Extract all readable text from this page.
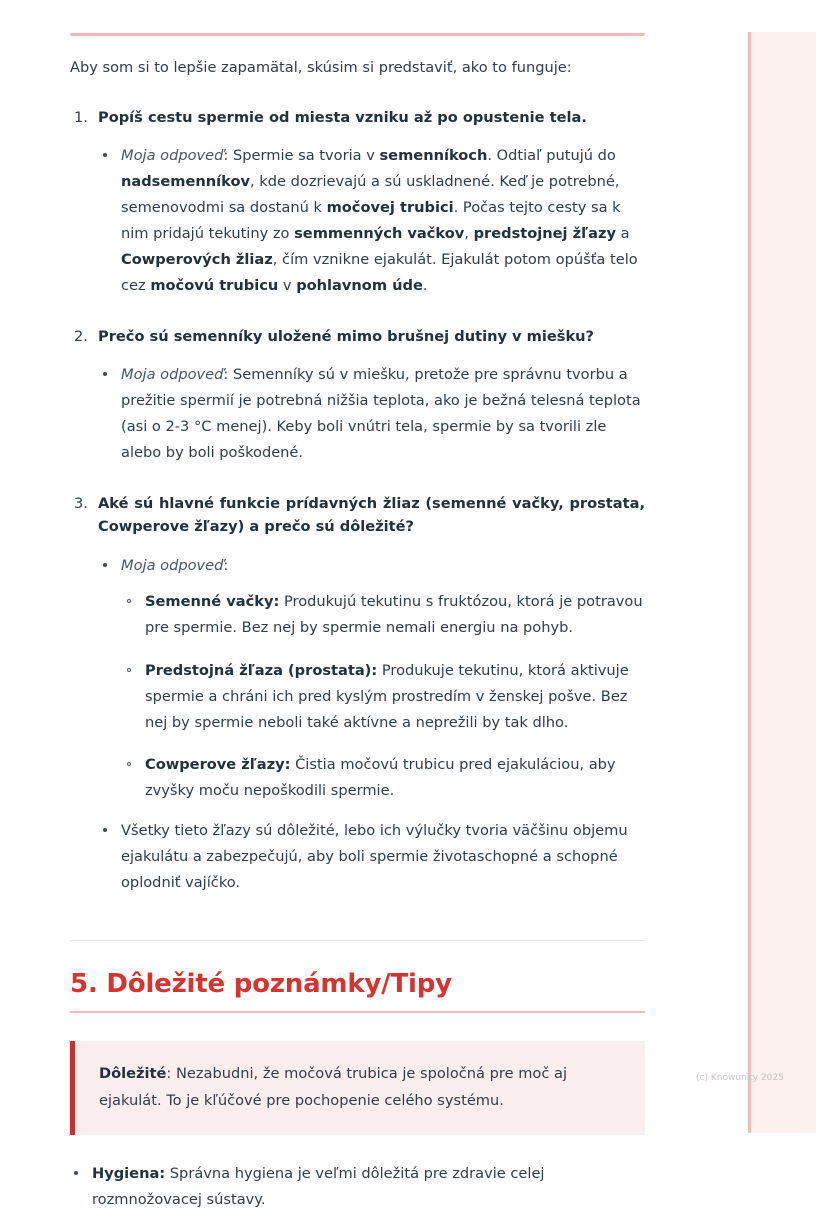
Aby som si to lepšie zapamätal, skúsim si predstaviť, ako to funguje:

Popíš cestu spermie od miesta vzniku až po opustenie tela.
Moja odpoveď: Spermie sa tvoria v semenníkoch. Odtiaľ putujú do nadsemenníkov, kde dozrievajú a sú uskladnené. Keď je potrebné, semenovodmi sa dostanú k močovej trubici. Počas tejto cesty sa k nim pridajú tekutiny zo semmenných vačkov, predstojnej žľazy a Cowperových žliaz, čím vznikne ejakulát. Ejakulát potom opúšťa telo cez močovú trubicu v pohlavnom úde.
Prečo sú semenníky uložené mimo brušnej dutiny v miešku?
Moja odpoveď: Semenníky sú v miešku, pretože pre správnu tvorbu a prežitie spermií je potrebná nižšia teplota, ako je bežná telesná teplota (asi o 2-3 °C menej). Keby boli vnútri tela, spermie by sa tvorili zle alebo by boli poškodené.
Aké sú hlavné funkcie prídavných žliaz (semenné vačky, prostata, Cowperove žľazy) a prečo sú dôležité?
Moja odpoveď:
Semenné vačky: Produkujú tekutinu s fruktózou, ktorá je potravou pre spermie. Bez nej by spermie nemali energiu na pohyb.
Predstojná žľaza (prostata): Produkuje tekutinu, ktorá aktivuje spermie a chráni ich pred kyslým prostredím v ženskej pošve. Bez nej by spermie neboli také aktívne a neprežili by tak dlho.
Cowperove žľazy: Čistia močovú trubicu pred ejakuláciou, aby zvyšky moču nepoškodili spermie.
Všetky tieto žľazy sú dôležité, lebo ich výlučky tvoria väčšinu objemu ejakulátu a zabezpečujú, aby boli spermie životaschopné a schopné oplodniť vajíčko.
5. Dôležité poznámky/Tipy
Dôležité: Nezabudni, že močová trubica je spoločná pre moč aj ejakulát. To je kľúčové pre pochopenie celého systému.
Hygiena: Správna hygiena je veľmi dôležitá pre zdravie celej rozmnožovacej sústavy.
(c) Knowunity 2025
